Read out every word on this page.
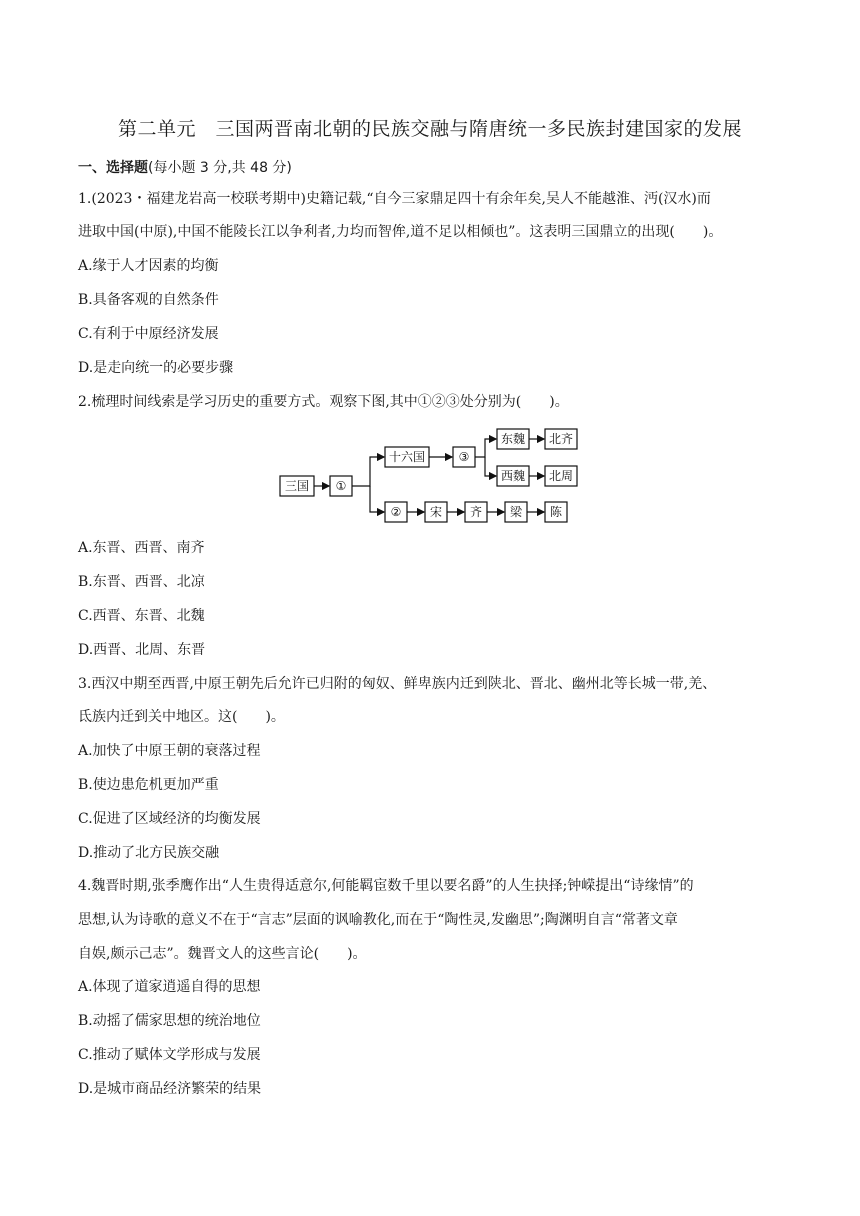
第二单元　三国两晋南北朝的民族交融与隋唐统一多民族封建国家的发展
一、选择题(每小题 3 分,共 48 分)
1.(2023・福建龙岩高一校联考期中)史籍记载,“自今三家鼎足四十有余年矣,吴人不能越淮、沔(汉水)而
进取中国(中原),中国不能陵长江以争利者,力均而智侔,道不足以相倾也”。这表明三国鼎立的出现(　　)。
A.缘于人才因素的均衡
B.具备客观的自然条件
C.有利于中原经济发展
D.是走向统一的必要步骤
2.梳理时间线索是学习历史的重要方式。观察下图,其中①②③处分别为(　　)。
三国 ①
十六国	③
东魏 北齐
西魏 北周
② 宋 齐 梁 陈
A.东晋、西晋、南齐
B.东晋、西晋、北凉
C.西晋、东晋、北魏
D.西晋、北周、东晋
3.西汉中期至西晋,中原王朝先后允许已归附的匈奴、鲜卑族内迁到陕北、晋北、幽州北等长城一带,羌、
氐族内迁到关中地区。这(　　)。
A.加快了中原王朝的衰落过程
B.使边患危机更加严重
C.促进了区域经济的均衡发展
D.推动了北方民族交融
4.魏晋时期,张季鹰作出“人生贵得适意尔,何能羁宦数千里以要名爵”的人生抉择;钟嵘提出“诗缘情”的
思想,认为诗歌的意义不在于“言志”层面的讽喻教化,而在于“陶性灵,发幽思”;陶渊明自言“常著文章
自娱,颇示己志”。魏晋文人的这些言论(　　)。
A.体现了道家逍遥自得的思想
B.动摇了儒家思想的统治地位
C.推动了赋体文学形成与发展
D.是城市商品经济繁荣的结果
